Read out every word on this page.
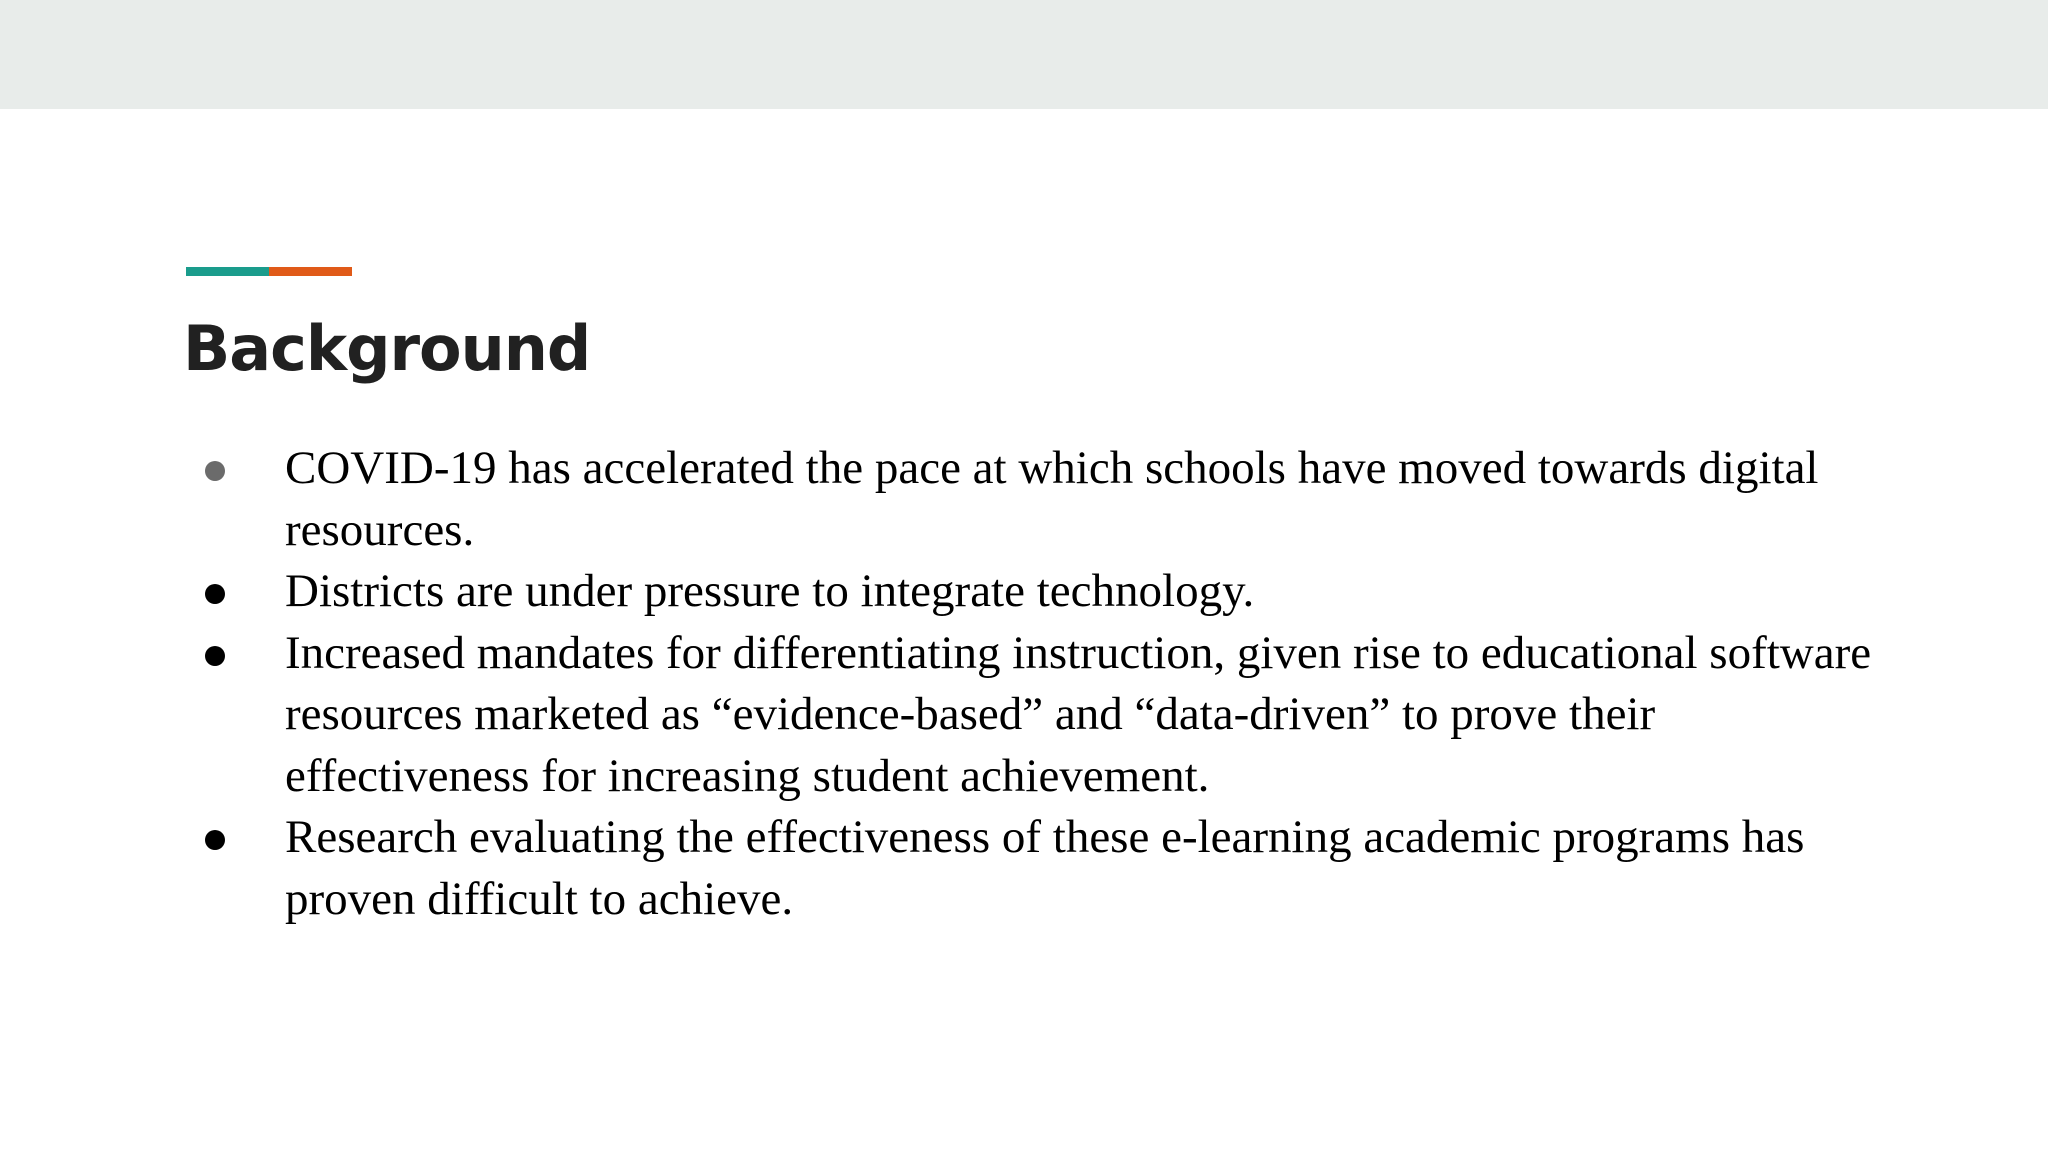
Background
COVID-19 has accelerated the pace at which schools have moved towards digital resources.
Districts are under pressure to integrate technology.
Increased mandates for differentiating instruction, given rise to educational software resources marketed as “evidence-based” and “data-driven” to prove their effectiveness for increasing student achievement.
Research evaluating the effectiveness of these e-learning academic programs has proven difficult to achieve.
